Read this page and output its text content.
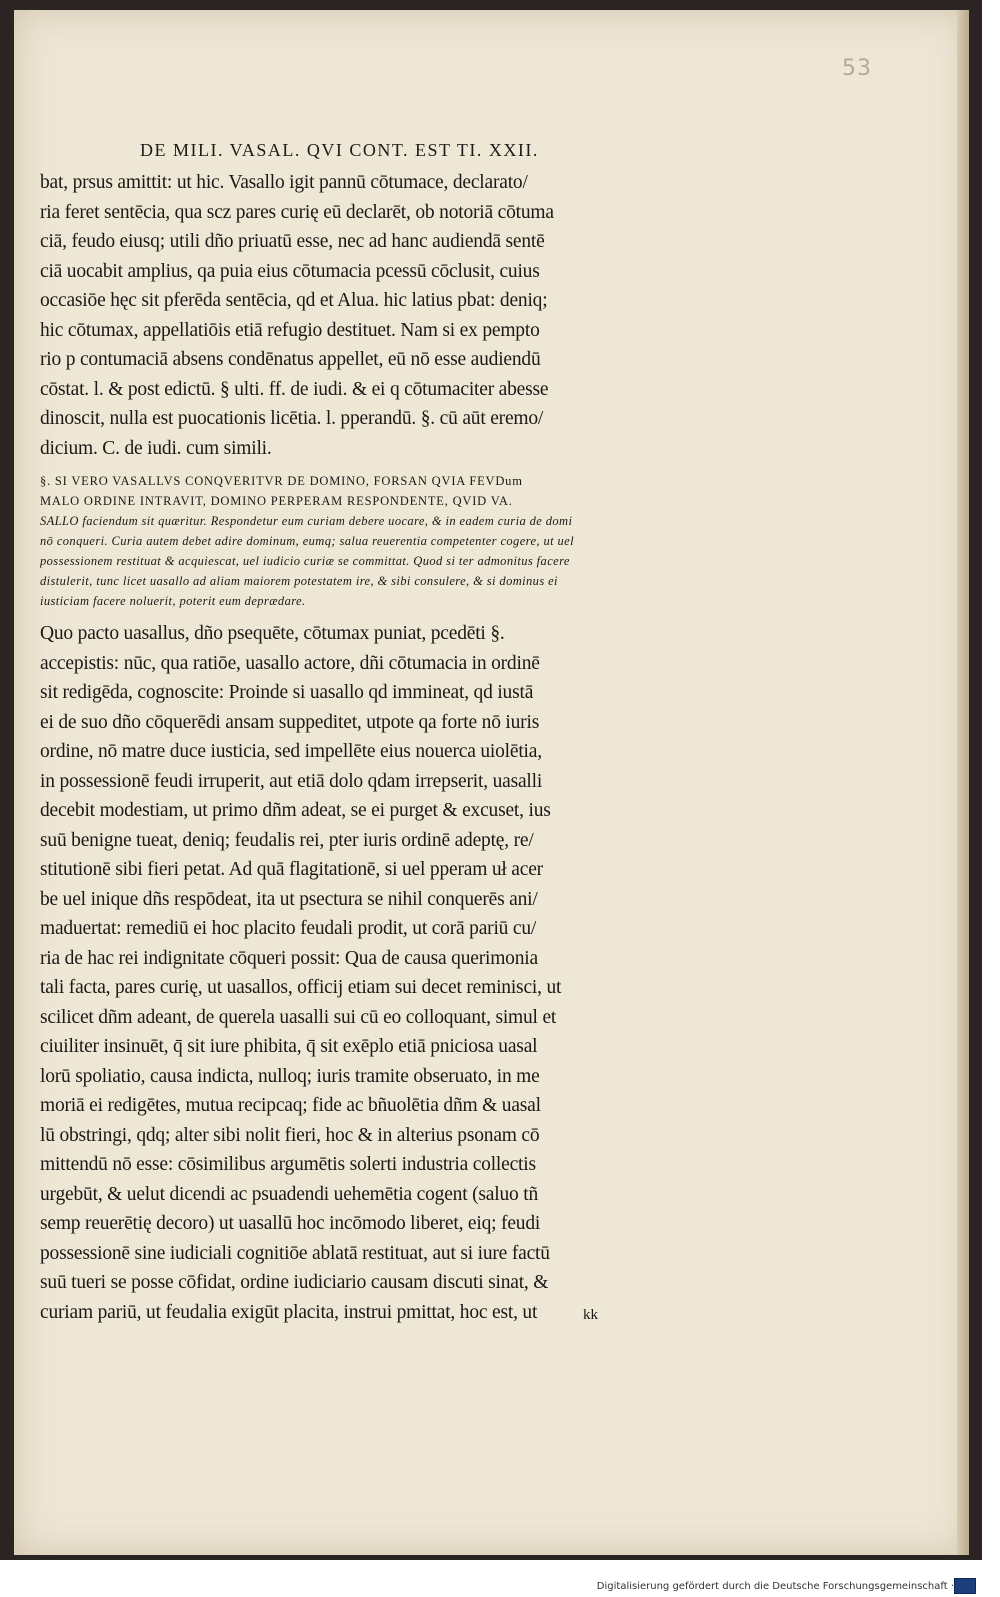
53
DE MILI. VASAL. QVI CONT. EST TI. XXII.
bat, prsus amittit: ut hic. Vasallo igit pannū cōtumace, declarato/
ria feret sentēcia, qua scz pares curię eū declarēt, ob notoriā cōtuma
ciā, feudo eiusq; utili dño priuatū esse, nec ad hanc audiendā sentē
ciā uocabit amplius, qa puia eius cōtumacia pcessū cōclusit, cuius
occasiōe hęc sit pferēda sentēcia, qd et Alua. hic latius pbat: deniq;
hic cōtumax, appellatiōis etiā refugio destituet. Nam si ex pempto
rio p contumaciā absens condēnatus appellet, eū nō esse audiendū
cōstat. l. & post edictū. § ulti. ff. de iudi. & ei q cōtumaciter abesse
dinoscit, nulla est puocationis licētia. l. pperandū. §. cū aūt eremo/
dicium. C. de iudi. cum simili.
§. SI VERO VASALLVS CONQVERITVR DE DOMINO, FORSAN QVIA FEVDum
MALO ORDINE INTRAVIT, DOMINO PERPERAM RESPONDENTE, QVID VA.
SALLO faciendum sit quæritur. Respondetur eum curiam debere uocare, & in eadem curia de domi
nō conqueri. Curia autem debet adire dominum, eumq; salua reuerentia competenter cogere, ut uel
possessionem restituat & acquiescat, uel iudicio curiæ se committat. Quod si ter admonitus facere
distulerit, tunc licet uasallo ad aliam maiorem potestatem ire, & sibi consulere, & si dominus ei
iusticiam facere noluerit, poterit eum deprædare.
Quo pacto uasallus, dño psequēte, cōtumax puniat, pcedēti §.
accepistis: nūc, qua ratiōe, uasallo actore, dñi cōtumacia in ordinē
sit redigēda, cognoscite: Proinde si uasallo qd immineat, qd iustā
ei de suo dño cōquerēdi ansam suppeditet, utpote qa forte nō iuris
ordine, nō matre duce iusticia, sed impellēte eius nouerca uiolētia,
in possessionē feudi irruperit, aut etiā dolo qdam irrepserit, uasalli
decebit modestiam, ut primo dñm adeat, se ei purget & excuset, ius
suū benigne tueat, deniq; feudalis rei, pter iuris ordinē adeptę, re/
stitutionē sibi fieri petat. Ad quā flagitationē, si uel pperam uł acer
be uel inique dñs respōdeat, ita ut psectura se nihil conquerēs ani/
maduertat: remediū ei hoc placito feudali prodit, ut corā pariū cu/
ria de hac rei indignitate cōqueri possit: Qua de causa querimonia
tali facta, pares curię, ut uasallos, officij etiam sui decet reminisci, ut
scilicet dñm adeant, de querela uasalli sui cū eo colloquant, simul et
ciuiliter insinuēt, q̄ sit iure phibita, q̄ sit exēplo etiā pniciosa uasal
lorū spoliatio, causa indicta, nulloq; iuris tramite obseruato, in me
moriā ei redigētes, mutua recipcaq; fide ac bñuolētia dñm & uasal
lū obstringi, qdq; alter sibi nolit fieri, hoc & in alterius psonam cō
mittendū nō esse: cōsimilibus argumētis solerti industria collectis
urgebūt, & uelut dicendi ac psuadendi uehemētia cogent (saluo tñ
semp reuerētię decoro) ut uasallū hoc incōmodo liberet, eiq; feudi
possessionē sine iudiciali cognitiōe ablatā restituat, aut si iure factū
suū tueri se posse cōfidat, ordine iudiciario causam discuti sinat, &
curiam pariū, ut feudalia exigūt placita, instrui pmittat, hoc est, ut	kk
Digitalisierung gefördert durch die Deutsche Forschungsgemeinschaft ·
